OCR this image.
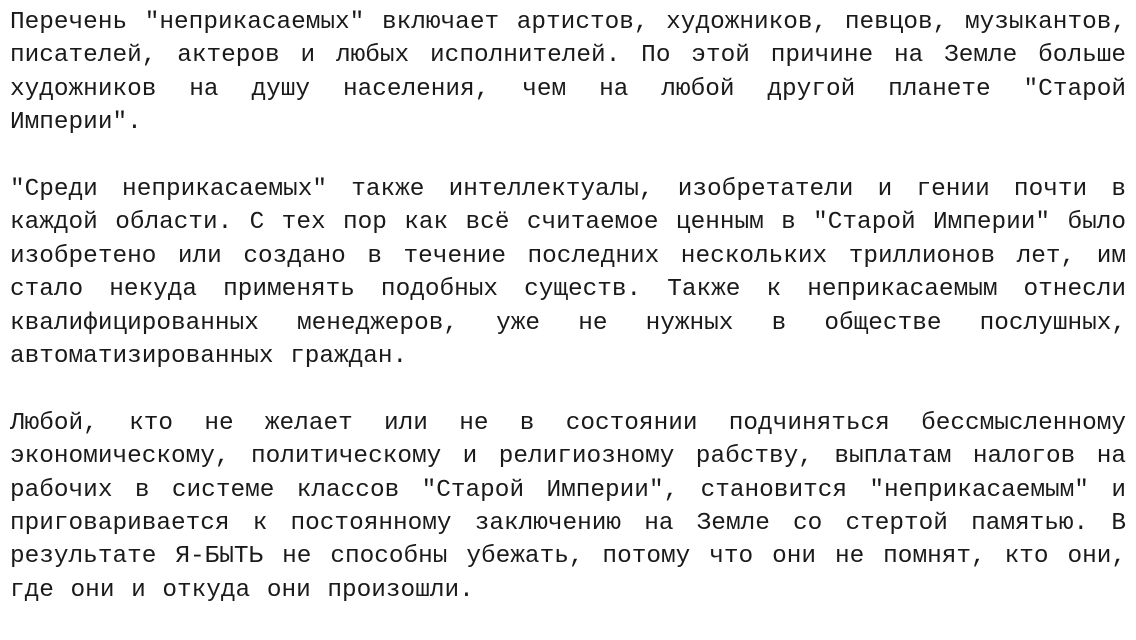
Перечень "неприкасаемых" включает артистов, художников, певцов, музыкантов, писателей, актеров и любых исполнителей. По этой причине на Земле больше художников на душу населения, чем на любой другой планете "Старой Империи".

"Среди неприкасаемых" также интеллектуалы, изобретатели и гении почти в каждой области. С тех пор как всё считаемое ценным в "Старой Империи" было изобретено или создано в течение последних нескольких триллионов лет, им стало некуда применять подобных существ. Также к неприкасаемым отнесли квалифицированных менеджеров, уже не нужных в обществе послушных, автоматизированных граждан.

Любой, кто не желает или не в состоянии подчиняться бессмысленному экономическому, политическому и религиозному рабству, выплатам налогов на рабочих в системе классов "Старой Империи", становится "неприкасаемым" и приговаривается к постоянному заключению на Земле со стертой памятью. В результате Я-БЫТЬ не способны убежать, потому что они не помнят, кто они, где они и откуда они произошли.
